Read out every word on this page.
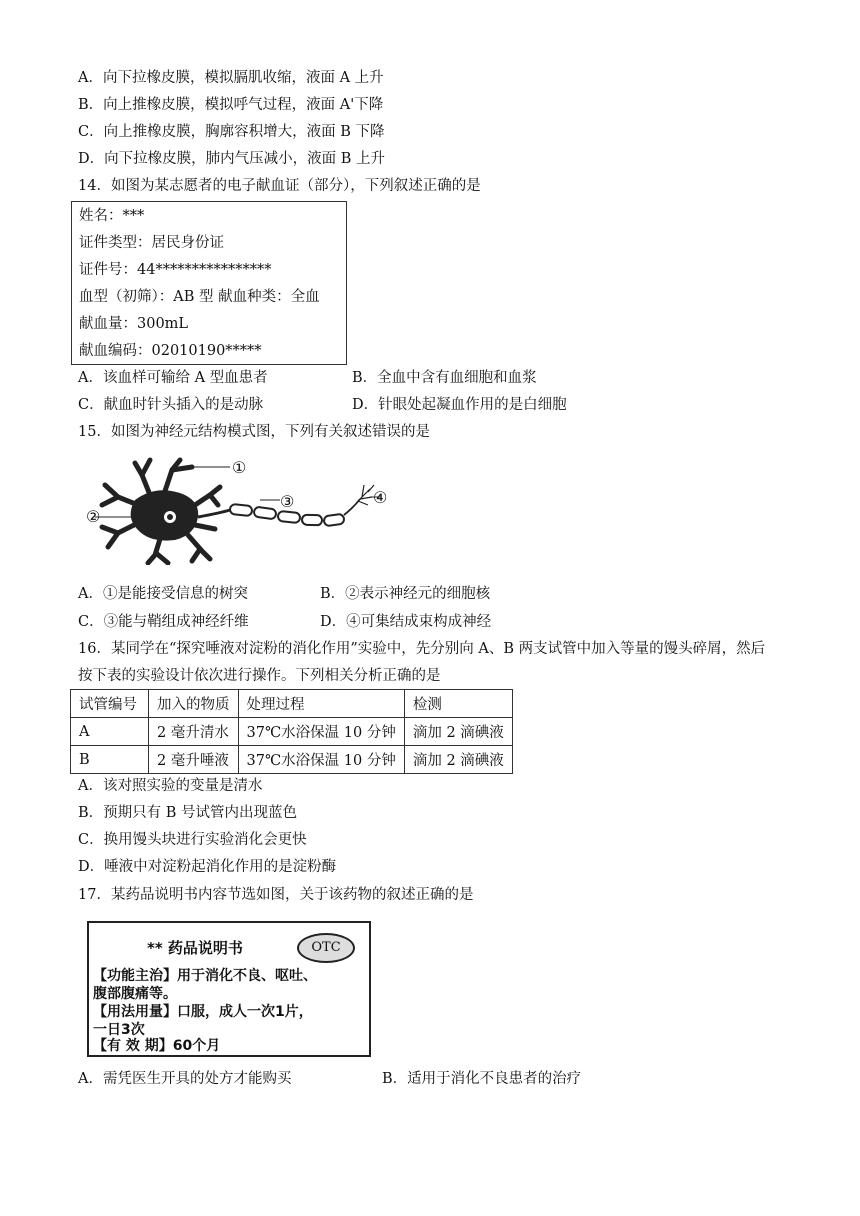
A．向下拉橡皮膜，模拟膈肌收缩，液面 A 上升
B．向上推橡皮膜，模拟呼气过程，液面 A'下降
C．向上推橡皮膜，胸廓容积增大，液面 B 下降
D．向下拉橡皮膜，肺内气压减小，液面 B 上升
14．如图为某志愿者的电子献血证（部分），下列叙述正确的是
姓名：***
证件类型：居民身份证
证件号：44****************
血型（初筛）：AB 型 献血种类：全血
献血量：300mL
献血编码：02010190*****
A．该血样可输给 A 型血患者	B．全血中含有血细胞和血浆
C．献血时针头插入的是动脉	D．针眼处起凝血作用的是白细胞
15．如图为神经元结构模式图，下列有关叙述错误的是
①
②
③	④
A．①是能接受信息的树突	B．②表示神经元的细胞核
C．③能与鞘组成神经纤维	D．④可集结成束构成神经
16．某同学在“探究唾液对淀粉的消化作用”实验中，先分别向 A、B 两支试管中加入等量的馒头碎屑，然后
按下表的实验设计依次进行操作。下列相关分析正确的是
试管编号	加入的物质	处理过程	检测
A	2 毫升清水	37℃水浴保温 10 分钟	滴加 2 滴碘液
B	2 毫升唾液	37℃水浴保温 10 分钟	滴加 2 滴碘液
A．该对照实验的变量是清水
B．预期只有 B 号试管内出现蓝色
C．换用馒头块进行实验消化会更快
D．唾液中对淀粉起消化作用的是淀粉酶
17．某药品说明书内容节选如图，关于该药物的叙述正确的是
** 药品说明书	OTC
【功能主治】用于消化不良、呕吐、
腹部腹痛等。
【用法用量】口服，成人一次1片，
一日3次
【有 效 期】60个月
A．需凭医生开具的处方才能购买	B．适用于消化不良患者的治疗
